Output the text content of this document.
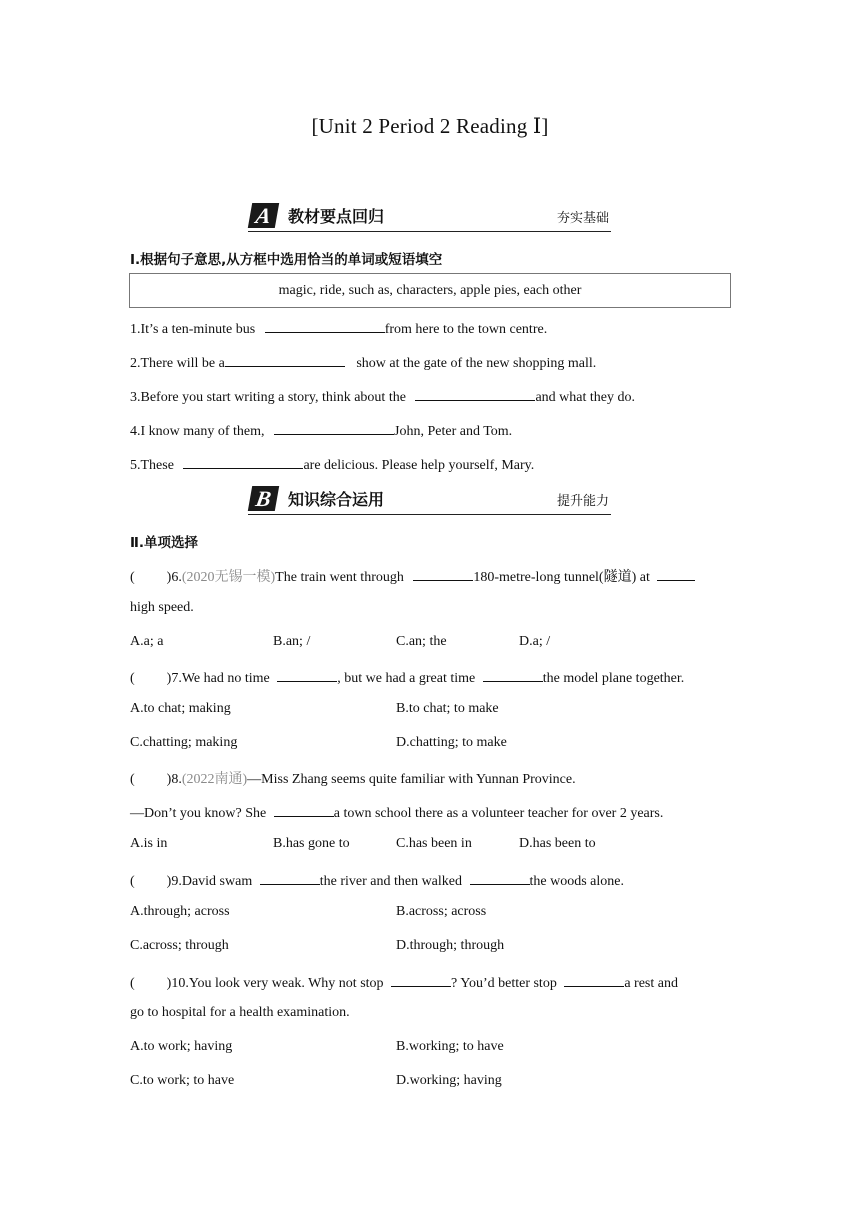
[Unit 2 Period 2 Reading Ⅰ]
A 教材要点回归	夯实基础
Ⅰ.根据句子意思,从方框中选用恰当的单词或短语填空
magic, ride, such as, characters, apple pies, each other
1.It’s a ten-minute bus	from here to the town centre.
2.There will be a	show at the gate of the new shopping mall.
3.Before you start writing a story, think about the	and what they do.
4.I know many of them,	John, Peter and Tom.
5.These	are delicious. Please help yourself, Mary.
B 知识综合运用	提升能力
Ⅱ.单项选择
( )6.(2020无锡一模)The train went through	180-metre-long tunnel(隧道) at
high speed.
A.a; a	B.an; /	C.an; the	D.a; /
( )7.We had no time	, but we had a great time	the model plane together.
A.to chat; making	B.to chat; to make
C.chatting; making	D.chatting; to make
( )8.(2022南通)—Miss Zhang seems quite familiar with Yunnan Province.
—Don’t you know? She	a town school there as a volunteer teacher for over 2 years.
A.is in	B.has gone to	C.has been in	D.has been to
( )9.David swam	the river and then walked	the woods alone.
A.through; across	B.across; across
C.across; through	D.through; through
( )10.You look very weak. Why not stop	? You’d better stop	a rest and
go to hospital for a health examination.
A.to work; having	B.working; to have
C.to work; to have	D.working; having
